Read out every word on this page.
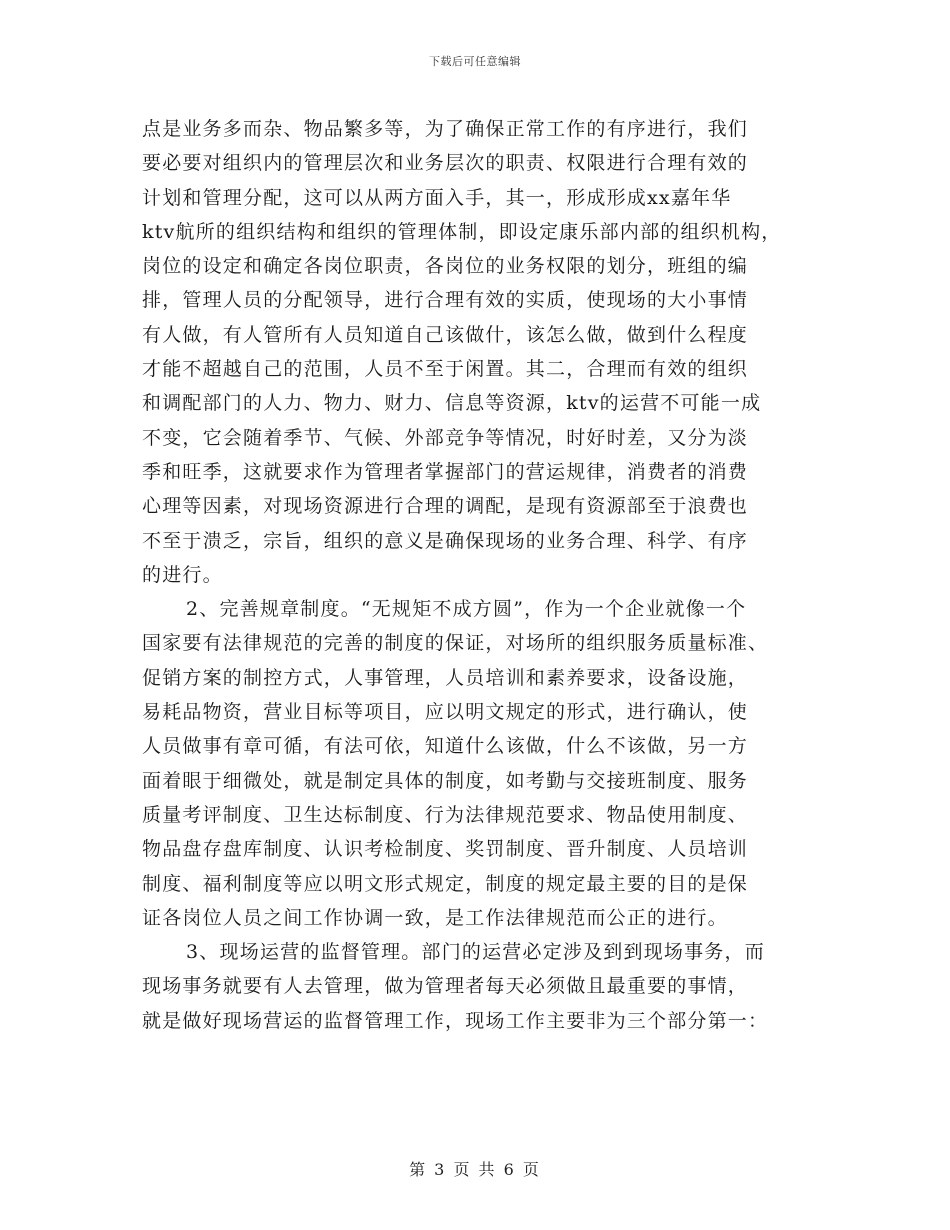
下载后可任意编辑
点是业务多而杂、物品繁多等，为了确保正常工作的有序进行，我们
要必要对组织内的管理层次和业务层次的职责、权限进行合理有效的
计划和管理分配，这可以从两方面入手，其一，形成形成xx嘉年华
ktv航所的组织结构和组织的管理体制，即设定康乐部内部的组织机构，
岗位的设定和确定各岗位职责，各岗位的业务权限的划分，班组的编
排，管理人员的分配领导，进行合理有效的实质，使现场的大小事情
有人做，有人管所有人员知道自己该做什，该怎么做，做到什么程度
才能不超越自己的范围，人员不至于闲置。其二，合理而有效的组织
和调配部门的人力、物力、财力、信息等资源，ktv的运营不可能一成
不变，它会随着季节、气候、外部竞争等情况，时好时差，又分为淡
季和旺季，这就要求作为管理者掌握部门的营运规律，消费者的消费
心理等因素，对现场资源进行合理的调配，是现有资源部至于浪费也
不至于溃乏，宗旨，组织的意义是确保现场的业务合理、科学、有序
的进行。
2、完善规章制度。“无规矩不成方圆”，作为一个企业就像一个
国家要有法律规范的完善的制度的保证，对场所的组织服务质量标准、
促销方案的制控方式，人事管理，人员培训和素养要求，设备设施，
易耗品物资，营业目标等项目，应以明文规定的形式，进行确认，使
人员做事有章可循，有法可依，知道什么该做，什么不该做，另一方
面着眼于细微处，就是制定具体的制度，如考勤与交接班制度、服务
质量考评制度、卫生达标制度、行为法律规范要求、物品使用制度、
物品盘存盘库制度、认识考检制度、奖罚制度、晋升制度、人员培训
制度、福利制度等应以明文形式规定，制度的规定最主要的目的是保
证各岗位人员之间工作协调一致，是工作法律规范而公正的进行。
3、现场运营的监督管理。部门的运营必定涉及到到现场事务，而
现场事务就要有人去管理，做为管理者每天必须做且最重要的事情，
就是做好现场营运的监督管理工作，现场工作主要非为三个部分第一：
第 3 页 共 6 页
